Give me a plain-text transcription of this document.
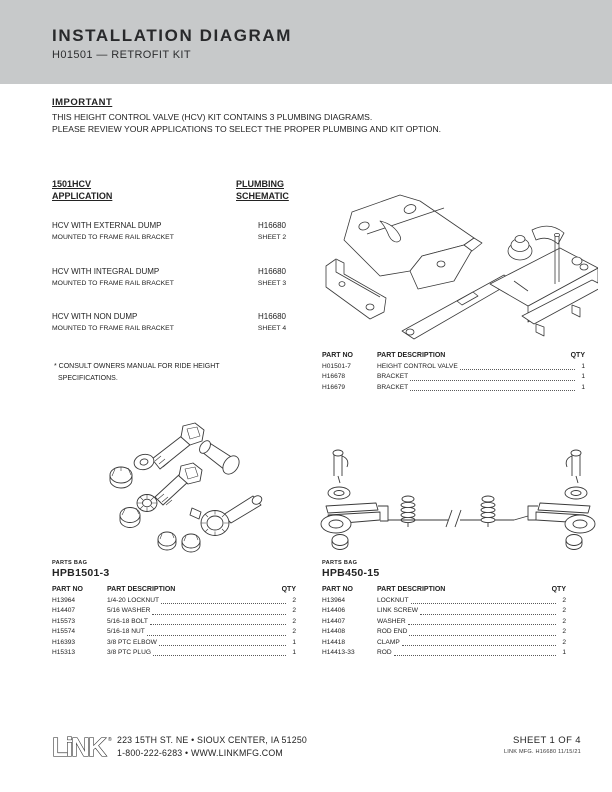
INSTALLATION DIAGRAM
H01501 — RETROFIT KIT
IMPORTANT
THIS HEIGHT CONTROL VALVE (HCV) KIT CONTAINS 3 PLUMBING DIAGRAMS.
PLEASE REVIEW YOUR APPLICATIONS TO SELECT THE PROPER PLUMBING AND KIT OPTION.
1501HCV
APPLICATION
PLUMBING
SCHEMATIC
HCV WITH EXTERNAL DUMP
MOUNTED TO FRAME RAIL BRACKET
H16680
SHEET 2
HCV WITH INTEGRAL DUMP
MOUNTED TO FRAME RAIL BRACKET
H16680
SHEET 3
HCV WITH NON DUMP
MOUNTED TO FRAME RAIL BRACKET
H16680
SHEET 4
* CONSULT OWNERS MANUAL FOR RIDE HEIGHT
SPECIFICATIONS.
PART NO	PART DESCRIPTION	QTY
H01501-7	HEIGHT CONTROL VALVE	1
H16678	BRACKET	1
H16679	BRACKET	1
PARTS BAG
HPB1501-3
PART NO	PART DESCRIPTION	QTY
H13964	1/4-20 LOCKNUT	2
H14407	5/16 WASHER	2
H15573	5/16-18 BOLT	2
H15574	5/16-18 NUT	2
H16393	3/8 PTC ELBOW	1
H15313	3/8 PTC PLUG	1
PARTS BAG
HPB450-15
PART NO	PART DESCRIPTION	QTY
H13964	LOCKNUT	2
H14406	LINK SCREW	2
H14407	WASHER	2
H14408	ROD END	2
H14418	CLAMP	2
H14413-33	ROD	1
LiNK ® 223 15TH ST. NE • SIOUX CENTER, IA 51250
1-800-222-6283 • WWW.LINKMFG.COM
SHEET 1 OF 4
LINK MFG. H16680 11/15/21
